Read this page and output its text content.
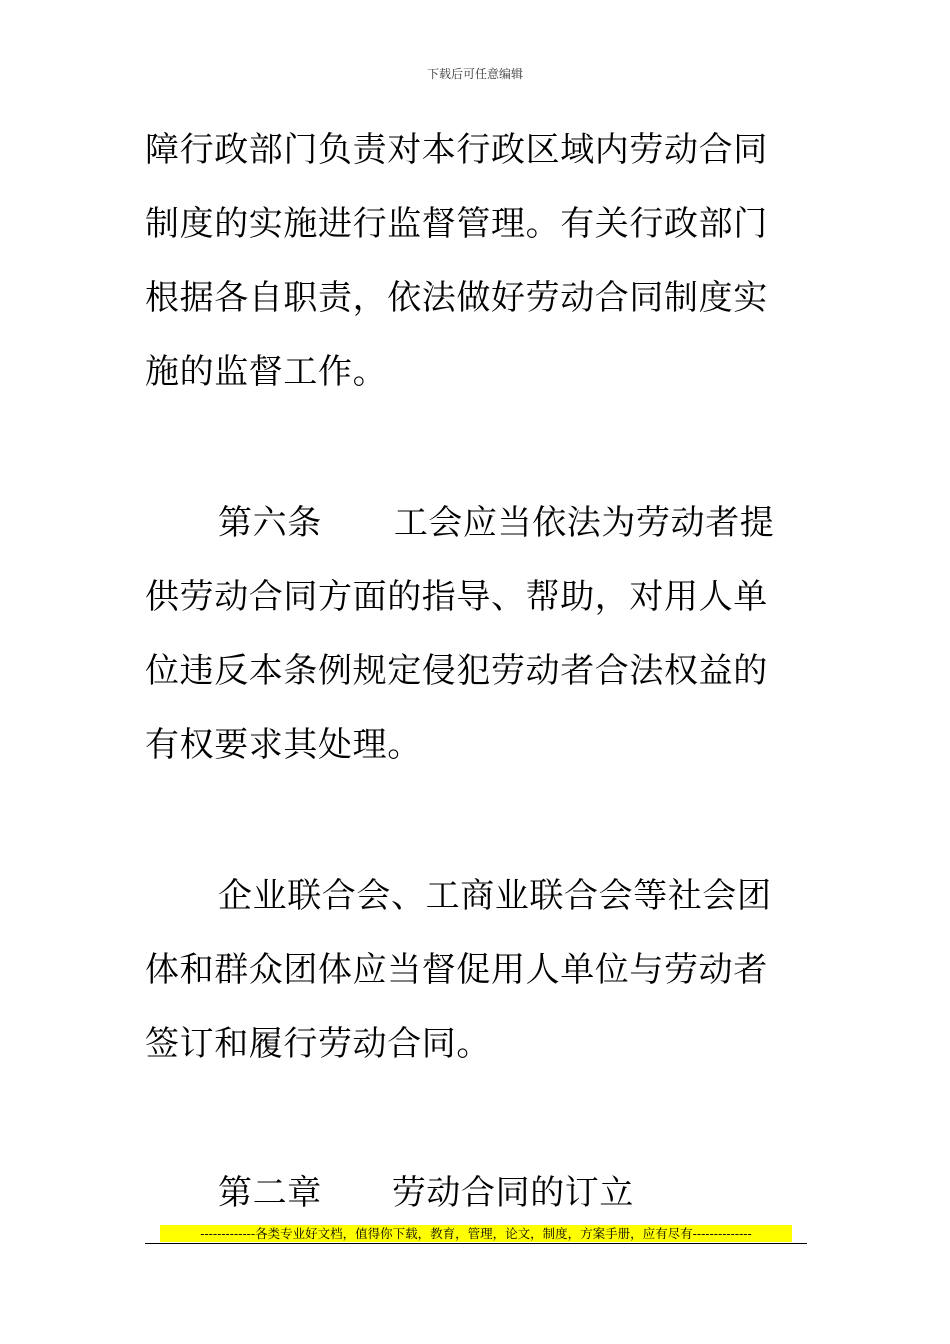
下载后可任意编辑
障行政部门负责对本行政区域内劳动合同
制度的实施进行监督管理。有关行政部门
根据各自职责，依法做好劳动合同制度实
施的监督工作。
第六条 工会应当依法为劳动者提
供劳动合同方面的指导、帮助，对用人单
位违反本条例规定侵犯劳动者合法权益的
有权要求其处理。
企业联合会、工商业联合会等社会团
体和群众团体应当督促用人单位与劳动者
签订和履行劳动合同。
第二章 劳动合同的订立
-------------各类专业好文档，值得你下载，教育，管理，论文，制度，方案手册，应有尽有--------------
